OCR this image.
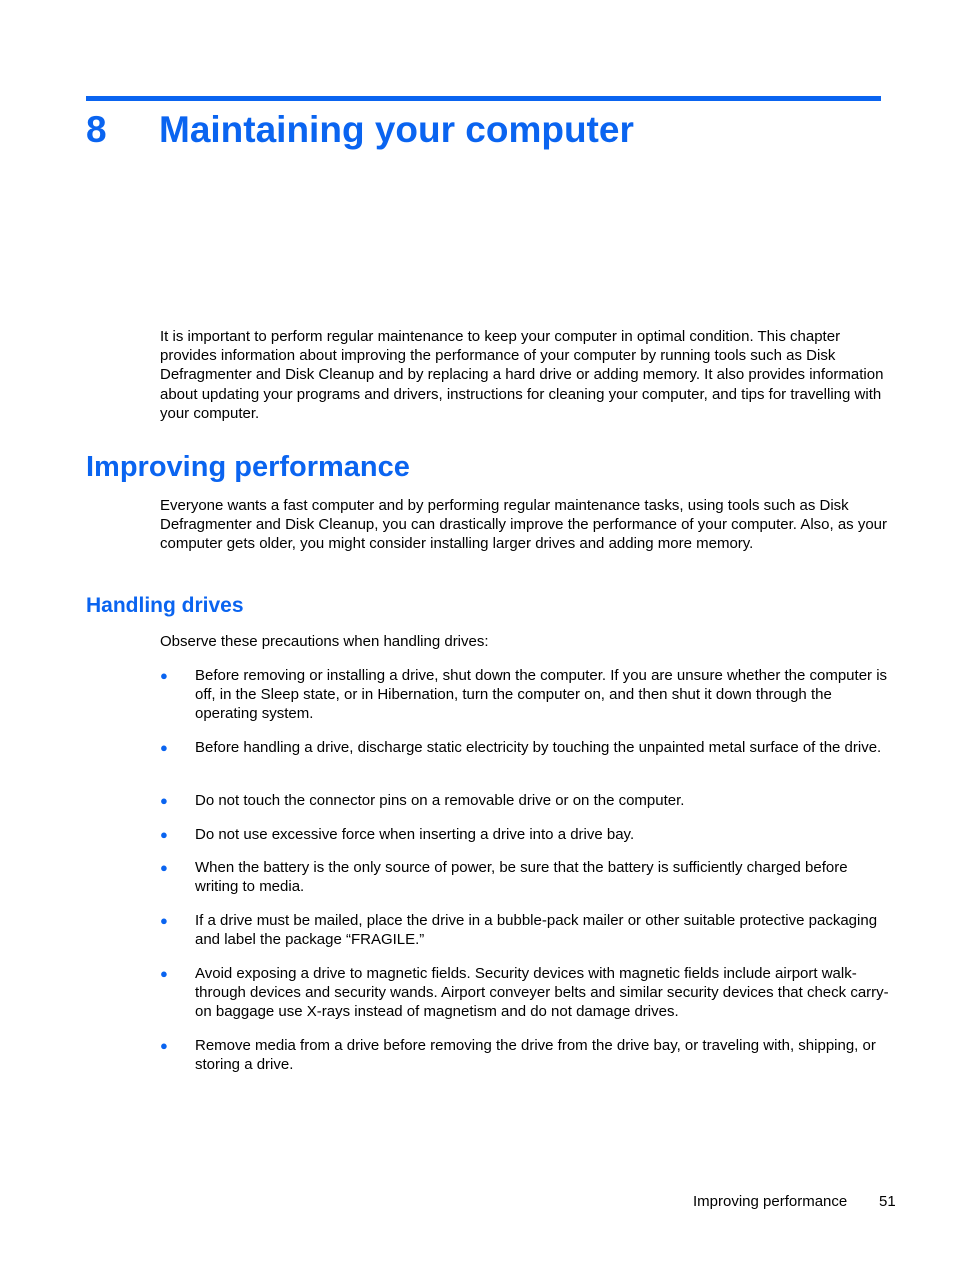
8 Maintaining your computer

It is important to perform regular maintenance to keep your computer in optimal condition. This chapter provides information about improving the performance of your computer by running tools such as Disk Defragmenter and Disk Cleanup and by replacing a hard drive or adding memory. It also provides information about updating your programs and drivers, instructions for cleaning your computer, and tips for travelling with your computer.

Improving performance

Everyone wants a fast computer and by performing regular maintenance tasks, using tools such as Disk Defragmenter and Disk Cleanup, you can drastically improve the performance of your computer. Also, as your computer gets older, you might consider installing larger drives and adding more memory.

Handling drives

Observe these precautions when handling drives:

● Before removing or installing a drive, shut down the computer. If you are unsure whether the computer is off, in the Sleep state, or in Hibernation, turn the computer on, and then shut it down through the operating system.
● Before handling a drive, discharge static electricity by touching the unpainted metal surface of the drive.
● Do not touch the connector pins on a removable drive or on the computer.
● Do not use excessive force when inserting a drive into a drive bay.
● When the battery is the only source of power, be sure that the battery is sufficiently charged before writing to media.
● If a drive must be mailed, place the drive in a bubble-pack mailer or other suitable protective packaging and label the package “FRAGILE.”
● Avoid exposing a drive to magnetic fields. Security devices with magnetic fields include airport walk-through devices and security wands. Airport conveyer belts and similar security devices that check carry-on baggage use X-rays instead of magnetism and do not damage drives.
● Remove media from a drive before removing the drive from the drive bay, or traveling with, shipping, or storing a drive.
Improving performance 51
